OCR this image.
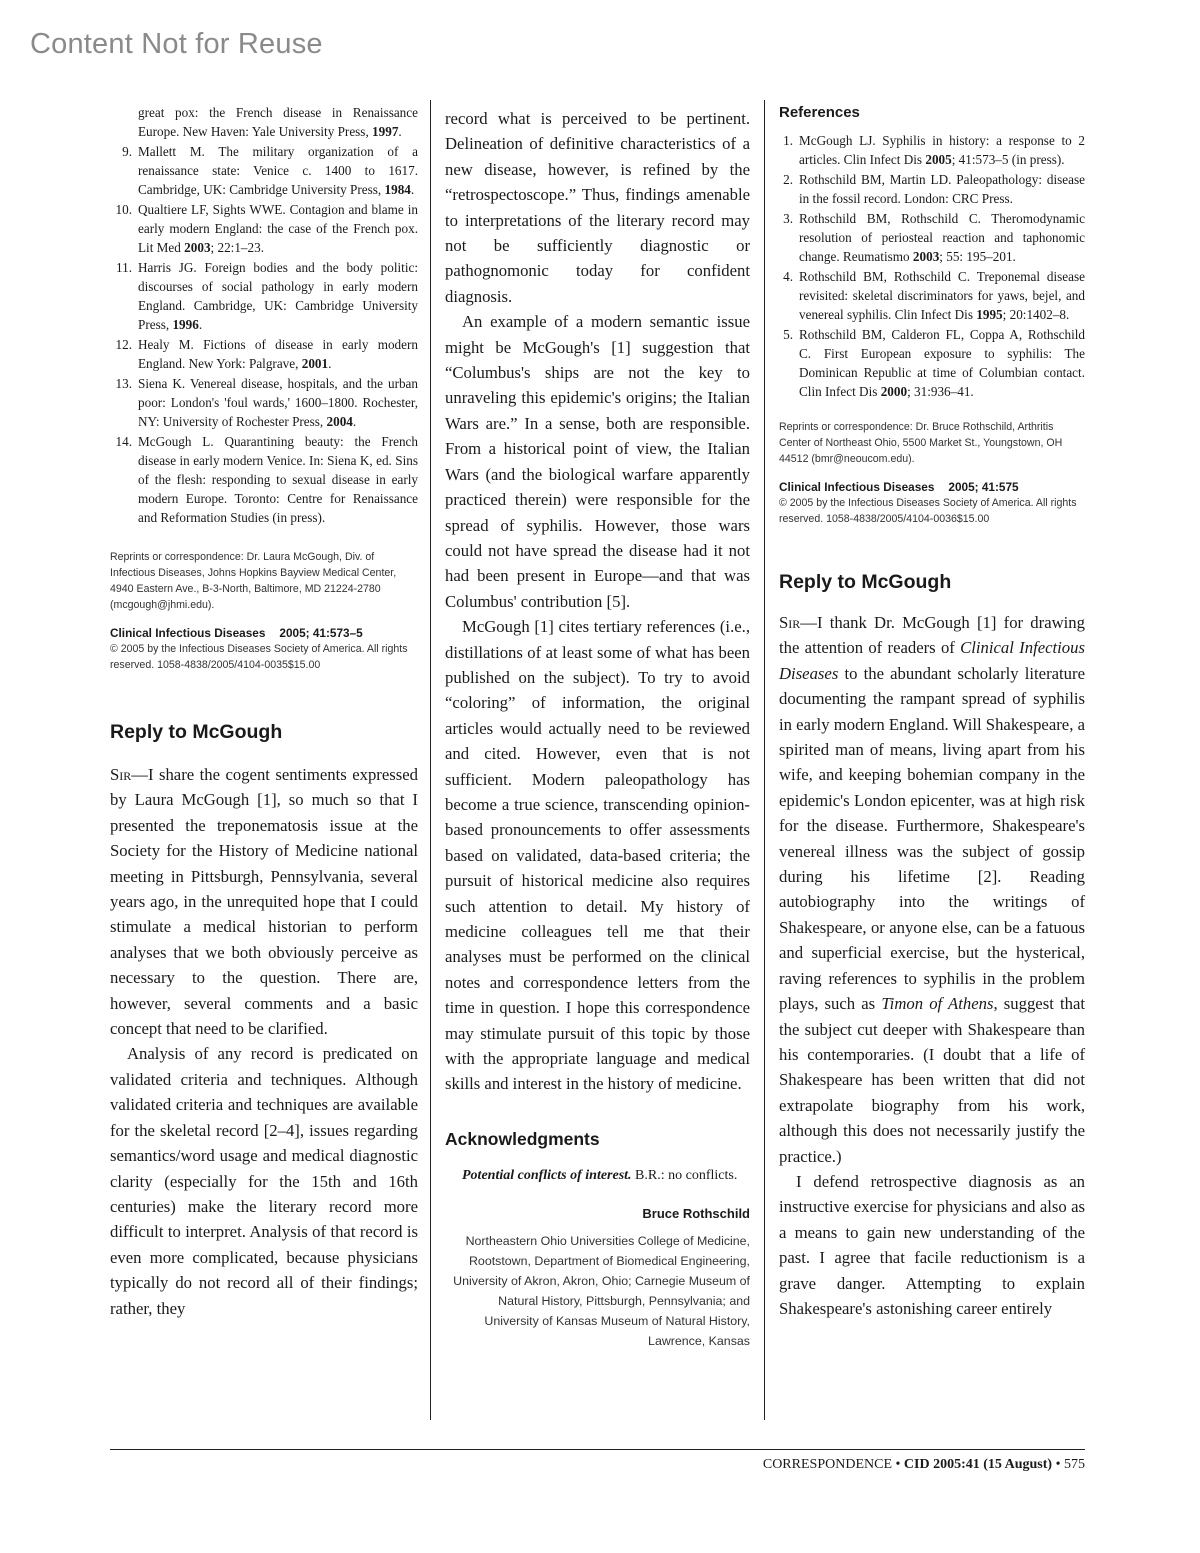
Content Not for Reuse
great pox: the French disease in Renaissance Europe. New Haven: Yale University Press, 1997.
9. Mallett M. The military organization of a renaissance state: Venice c. 1400 to 1617. Cambridge, UK: Cambridge University Press, 1984.
10. Qualtiere LF, Sights WWE. Contagion and blame in early modern England: the case of the French pox. Lit Med 2003; 22:1–23.
11. Harris JG. Foreign bodies and the body politic: discourses of social pathology in early modern England. Cambridge, UK: Cambridge University Press, 1996.
12. Healy M. Fictions of disease in early modern England. New York: Palgrave, 2001.
13. Siena K. Venereal disease, hospitals, and the urban poor: London's 'foul wards,' 1600–1800. Rochester, NY: University of Rochester Press, 2004.
14. McGough L. Quarantining beauty: the French disease in early modern Venice. In: Siena K, ed. Sins of the flesh: responding to sexual disease in early modern Europe. Toronto: Centre for Renaissance and Reformation Studies (in press).
Reprints or correspondence: Dr. Laura McGough, Div. of Infectious Diseases, Johns Hopkins Bayview Medical Center, 4940 Eastern Ave., B-3-North, Baltimore, MD 21224-2780 (mcgough@jhmi.edu).
Clinical Infectious Diseases 2005; 41:573–5
© 2005 by the Infectious Diseases Society of America. All rights reserved. 1058-4838/2005/4104-0035$15.00
Reply to McGough

Sir—I share the cogent sentiments expressed by Laura McGough [1], so much so that I presented the treponematosis issue at the Society for the History of Medicine national meeting in Pittsburgh, Pennsylvania, several years ago, in the unrequited hope that I could stimulate a medical historian to perform analyses that we both obviously perceive as necessary to the question. There are, however, several comments and a basic concept that need to be clarified.

Analysis of any record is predicated on validated criteria and techniques. Although validated criteria and techniques are available for the skeletal record [2–4], issues regarding semantics/word usage and medical diagnostic clarity (especially for the 15th and 16th centuries) make the literary record more difficult to interpret. Analysis of that record is even more complicated, because physicians typically do not record all of their findings; rather, they

record what is perceived to be pertinent. Delineation of definitive characteristics of a new disease, however, is refined by the “retrospectoscope.” Thus, findings amenable to interpretations of the literary record may not be sufficiently diagnostic or pathognomonic today for confident diagnosis.

An example of a modern semantic issue might be McGough's [1] suggestion that “Columbus's ships are not the key to unraveling this epidemic's origins; the Italian Wars are.” In a sense, both are responsible. From a historical point of view, the Italian Wars (and the biological warfare apparently practiced therein) were responsible for the spread of syphilis. However, those wars could not have spread the disease had it not had been present in Europe—and that was Columbus' contribution [5].

McGough [1] cites tertiary references (i.e., distillations of at least some of what has been published on the subject). To try to avoid “coloring” of information, the original articles would actually need to be reviewed and cited. However, even that is not sufficient. Modern paleopathology has become a true science, transcending opinion-based pronouncements to offer assessments based on validated, data-based criteria; the pursuit of historical medicine also requires such attention to detail. My history of medicine colleagues tell me that their analyses must be performed on the clinical notes and correspondence letters from the time in question. I hope this correspondence may stimulate pursuit of this topic by those with the appropriate language and medical skills and interest in the history of medicine.

Acknowledgments
Potential conflicts of interest. B.R.: no conflicts.
Bruce Rothschild
Northeastern Ohio Universities College of Medicine, Rootstown, Department of Biomedical Engineering, University of Akron, Akron, Ohio; Carnegie Museum of Natural History, Pittsburgh, Pennsylvania; and University of Kansas Museum of Natural History, Lawrence, Kansas
References
1. McGough LJ. Syphilis in history: a response to 2 articles. Clin Infect Dis 2005; 41:573–5 (in press).
2. Rothschild BM, Martin LD. Paleopathology: disease in the fossil record. London: CRC Press.
3. Rothschild BM, Rothschild C. Theromodynamic resolution of periosteal reaction and taphonomic change. Reumatismo 2003; 55: 195–201.
4. Rothschild BM, Rothschild C. Treponemal disease revisited: skeletal discriminators for yaws, bejel, and venereal syphilis. Clin Infect Dis 1995; 20:1402–8.
5. Rothschild BM, Calderon FL, Coppa A, Rothschild C. First European exposure to syphilis: The Dominican Republic at time of Columbian contact. Clin Infect Dis 2000; 31:936–41.
Reprints or correspondence: Dr. Bruce Rothschild, Arthritis Center of Northeast Ohio, 5500 Market St., Youngstown, OH 44512 (bmr@neoucom.edu).
Clinical Infectious Diseases 2005; 41:575
© 2005 by the Infectious Diseases Society of America. All rights reserved. 1058-4838/2005/4104-0036$15.00
Reply to McGough

Sir—I thank Dr. McGough [1] for drawing the attention of readers of Clinical Infectious Diseases to the abundant scholarly literature documenting the rampant spread of syphilis in early modern England. Will Shakespeare, a spirited man of means, living apart from his wife, and keeping bohemian company in the epidemic's London epicenter, was at high risk for the disease. Furthermore, Shakespeare's venereal illness was the subject of gossip during his lifetime [2]. Reading autobiography into the writings of Shakespeare, or anyone else, can be a fatuous and superficial exercise, but the hysterical, raving references to syphilis in the problem plays, such as Timon of Athens, suggest that the subject cut deeper with Shakespeare than his contemporaries. (I doubt that a life of Shakespeare has been written that did not extrapolate biography from his work, although this does not necessarily justify the practice.)

I defend retrospective diagnosis as an instructive exercise for physicians and also as a means to gain new understanding of the past. I agree that facile reductionism is a grave danger. Attempting to explain Shakespeare's astonishing career entirely

CORRESPONDENCE • CID 2005:41 (15 August) • 575
